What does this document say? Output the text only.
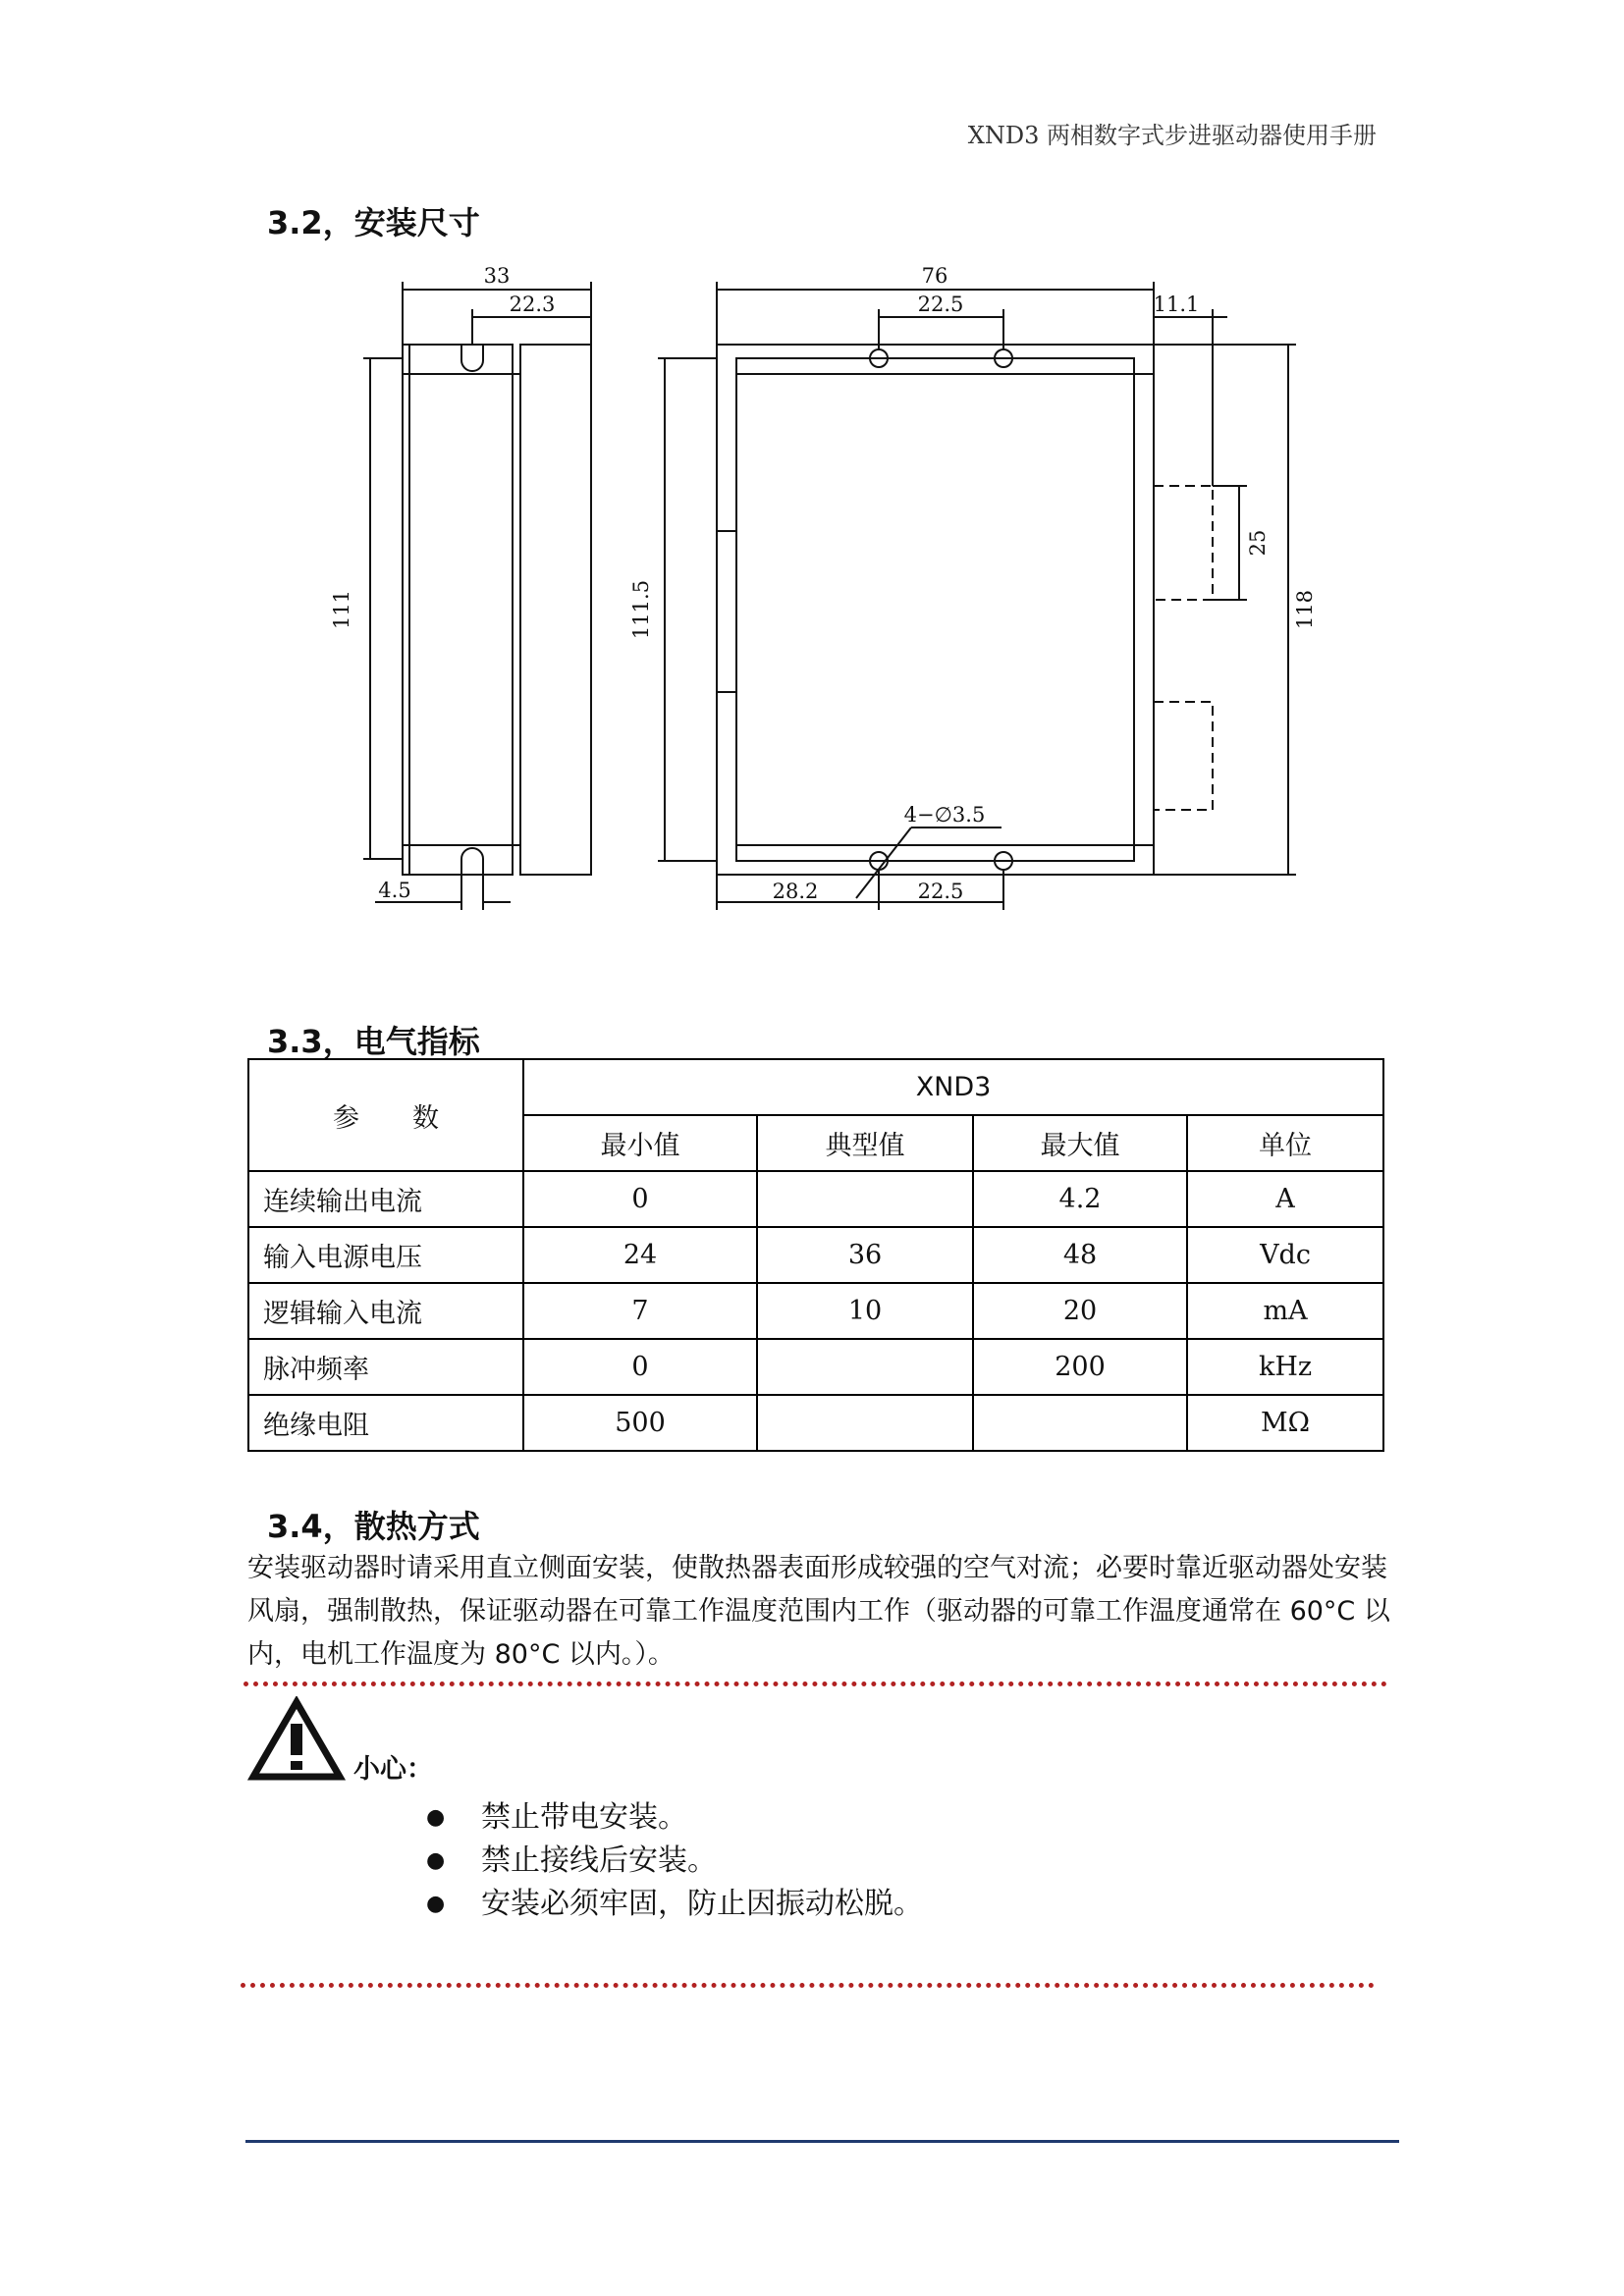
XND3 两相数字式步进驱动器使用手册
3.2，安装尺寸
33
22.3
111
4.5
76
22.5	11.1
111.5
25
118
4−∅3.5
28.2	22.5
3.3，电气指标
参　　数	XND3			
	最小值	典型值	最大值	单位
连续输出电流	0		4.2	A
输入电源电压	24	36	48	Vdc
逻辑输入电流	7	10	20	mA
脉冲频率	0		200	kHz
绝缘电阻	500			MΩ
3.4，散热方式
安装驱动器时请采用直立侧面安装，使散热器表面形成较强的空气对流；必要时靠近驱动器处安装风扇，强制散热，保证驱动器在可靠工作温度范围内工作（驱动器的可靠工作温度通常在 60°C 以内，电机工作温度为 80°C 以内。）。
小心：
● 禁止带电安装。
● 禁止接线后安装。
● 安装必须牢固，防止因振动松脱。
